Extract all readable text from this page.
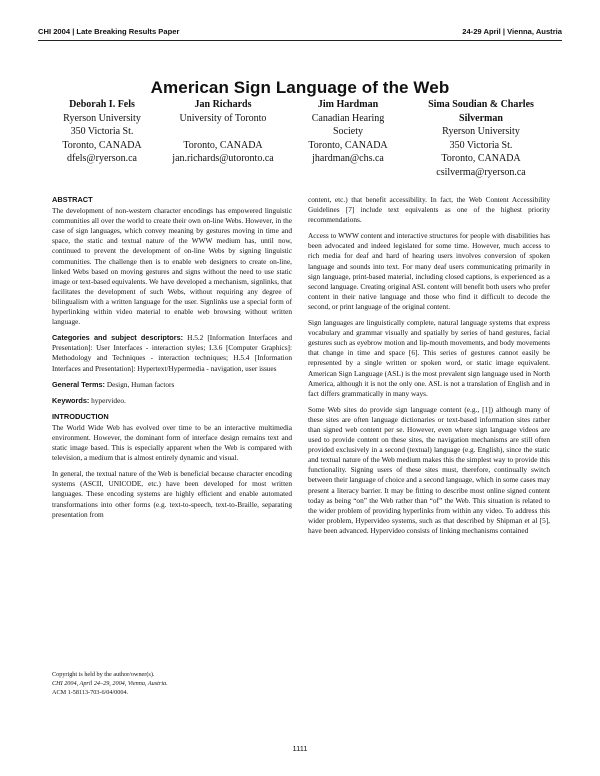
CHI 2004 | Late Breaking Results Paper	24-29 April | Vienna, Austria
American Sign Language of the Web
Deborah I. Fels
Ryerson University
350 Victoria St.
Toronto, CANADA
dfels@ryerson.ca
Jan Richards
University of Toronto
Toronto, CANADA
jan.richards@utoronto.ca
Jim Hardman
Canadian Hearing
Society
Toronto, CANADA
jhardman@chs.ca
Sima Soudian & Charles Silverman
Ryerson University
350 Victoria St.
Toronto, CANADA
csilverma@ryerson.ca
ABSTRACT

The development of non-western character encodings has empowered linguistic communities all over the world to create their own on-line Webs. However, in the case of sign languages, which convey meaning by gestures moving in time and space, the static and textual nature of the WWW medium has, until now, continued to prevent the development of on-line Webs by signing linguistic communities. The challenge then is to enable web designers to create on-line, linked Webs based on moving gestures and signs without the need to use static image or text-based equivalents. We have developed a mechanism, signlinks, that facilitates the development of such Webs, without requiring any degree of bilingualism with a written language for the user. Signlinks use a special form of hyperlinking within video material to enable web browsing without written language.

Categories and subject descriptors: H.5.2 [Information Interfaces and Presentation]: User Interfaces - interaction styles; I.3.6 [Computer Graphics]: Methodology and Techniques - interaction techniques; H.5.4 [Information Interfaces and Presentation]: Hypertext/Hypermedia - navigation, user issues

General Terms: Design, Human factors

Keywords: hypervideo.

INTRODUCTION

The World Wide Web has evolved over time to be an interactive multimedia environment. However, the dominant form of interface design remains text and static image based. This is especially apparent when the Web is compared with television, a medium that is almost entirely dynamic and visual.

In general, the textual nature of the Web is beneficial because character encoding systems (ASCII, UNICODE, etc.) have been developed for most written languages. These encoding systems are highly efficient and enable automated transformations into other forms (e.g. text-to-speech, text-to-Braille, separating presentation from

content, etc.) that benefit accessibility. In fact, the Web Content Accessibility Guidelines [7] include text equivalents as one of the highest priority recommendations.

Access to WWW content and interactive structures for people with disabilities has been advocated and indeed legislated for some time. However, much access to rich media for deaf and hard of hearing users involves conversion of spoken language and sounds into text. For many deaf users communicating primarily in sign language, print-based material, including closed captions, is experienced as a second language. Creating original ASL content will benefit both users who prefer content in their native language and those who find it difficult to decode the second, or print language of the original content.

Sign languages are linguistically complete, natural language systems that express vocabulary and grammar visually and spatially by series of hand gestures, facial gestures such as eyebrow motion and lip-mouth movements, and body movements that change in time and space [6]. This series of gestures cannot easily be represented by a single written or spoken word, or static image equivalent. American Sign Language (ASL) is the most prevalent sign language used in North America, although it is not the only one. ASL is not a translation of English and in fact differs grammatically in many ways.

Some Web sites do provide sign language content (e.g., [1]) although many of these sites are often language dictionaries or text-based information sites rather than signed web content per se. However, even where sign language videos are used to provide content on these sites, the navigation mechanisms are still often provided exclusively in a second (textual) language (e.g. English), since the static and textual nature of the Web medium makes this the simplest way to provide this functionality. Signing users of these sites must, therefore, continually switch between their language of choice and a second language, which in some cases may present a literacy barrier. It may be fitting to describe most online signed content today as being “on” the Web rather than “of” the Web. This situation is related to the wider problem of providing hyperlinks from within any video. To address this wider problem, Hypervideo systems, such as that described by Shipman et al [5], have been advanced. Hypervideo consists of linking mechanisms contained

Copyright is held by the author/owner(s).
CHI 2004, April 24–29, 2004, Vienna, Austria.
ACM 1-58113-703-6/04/0004.
1111
